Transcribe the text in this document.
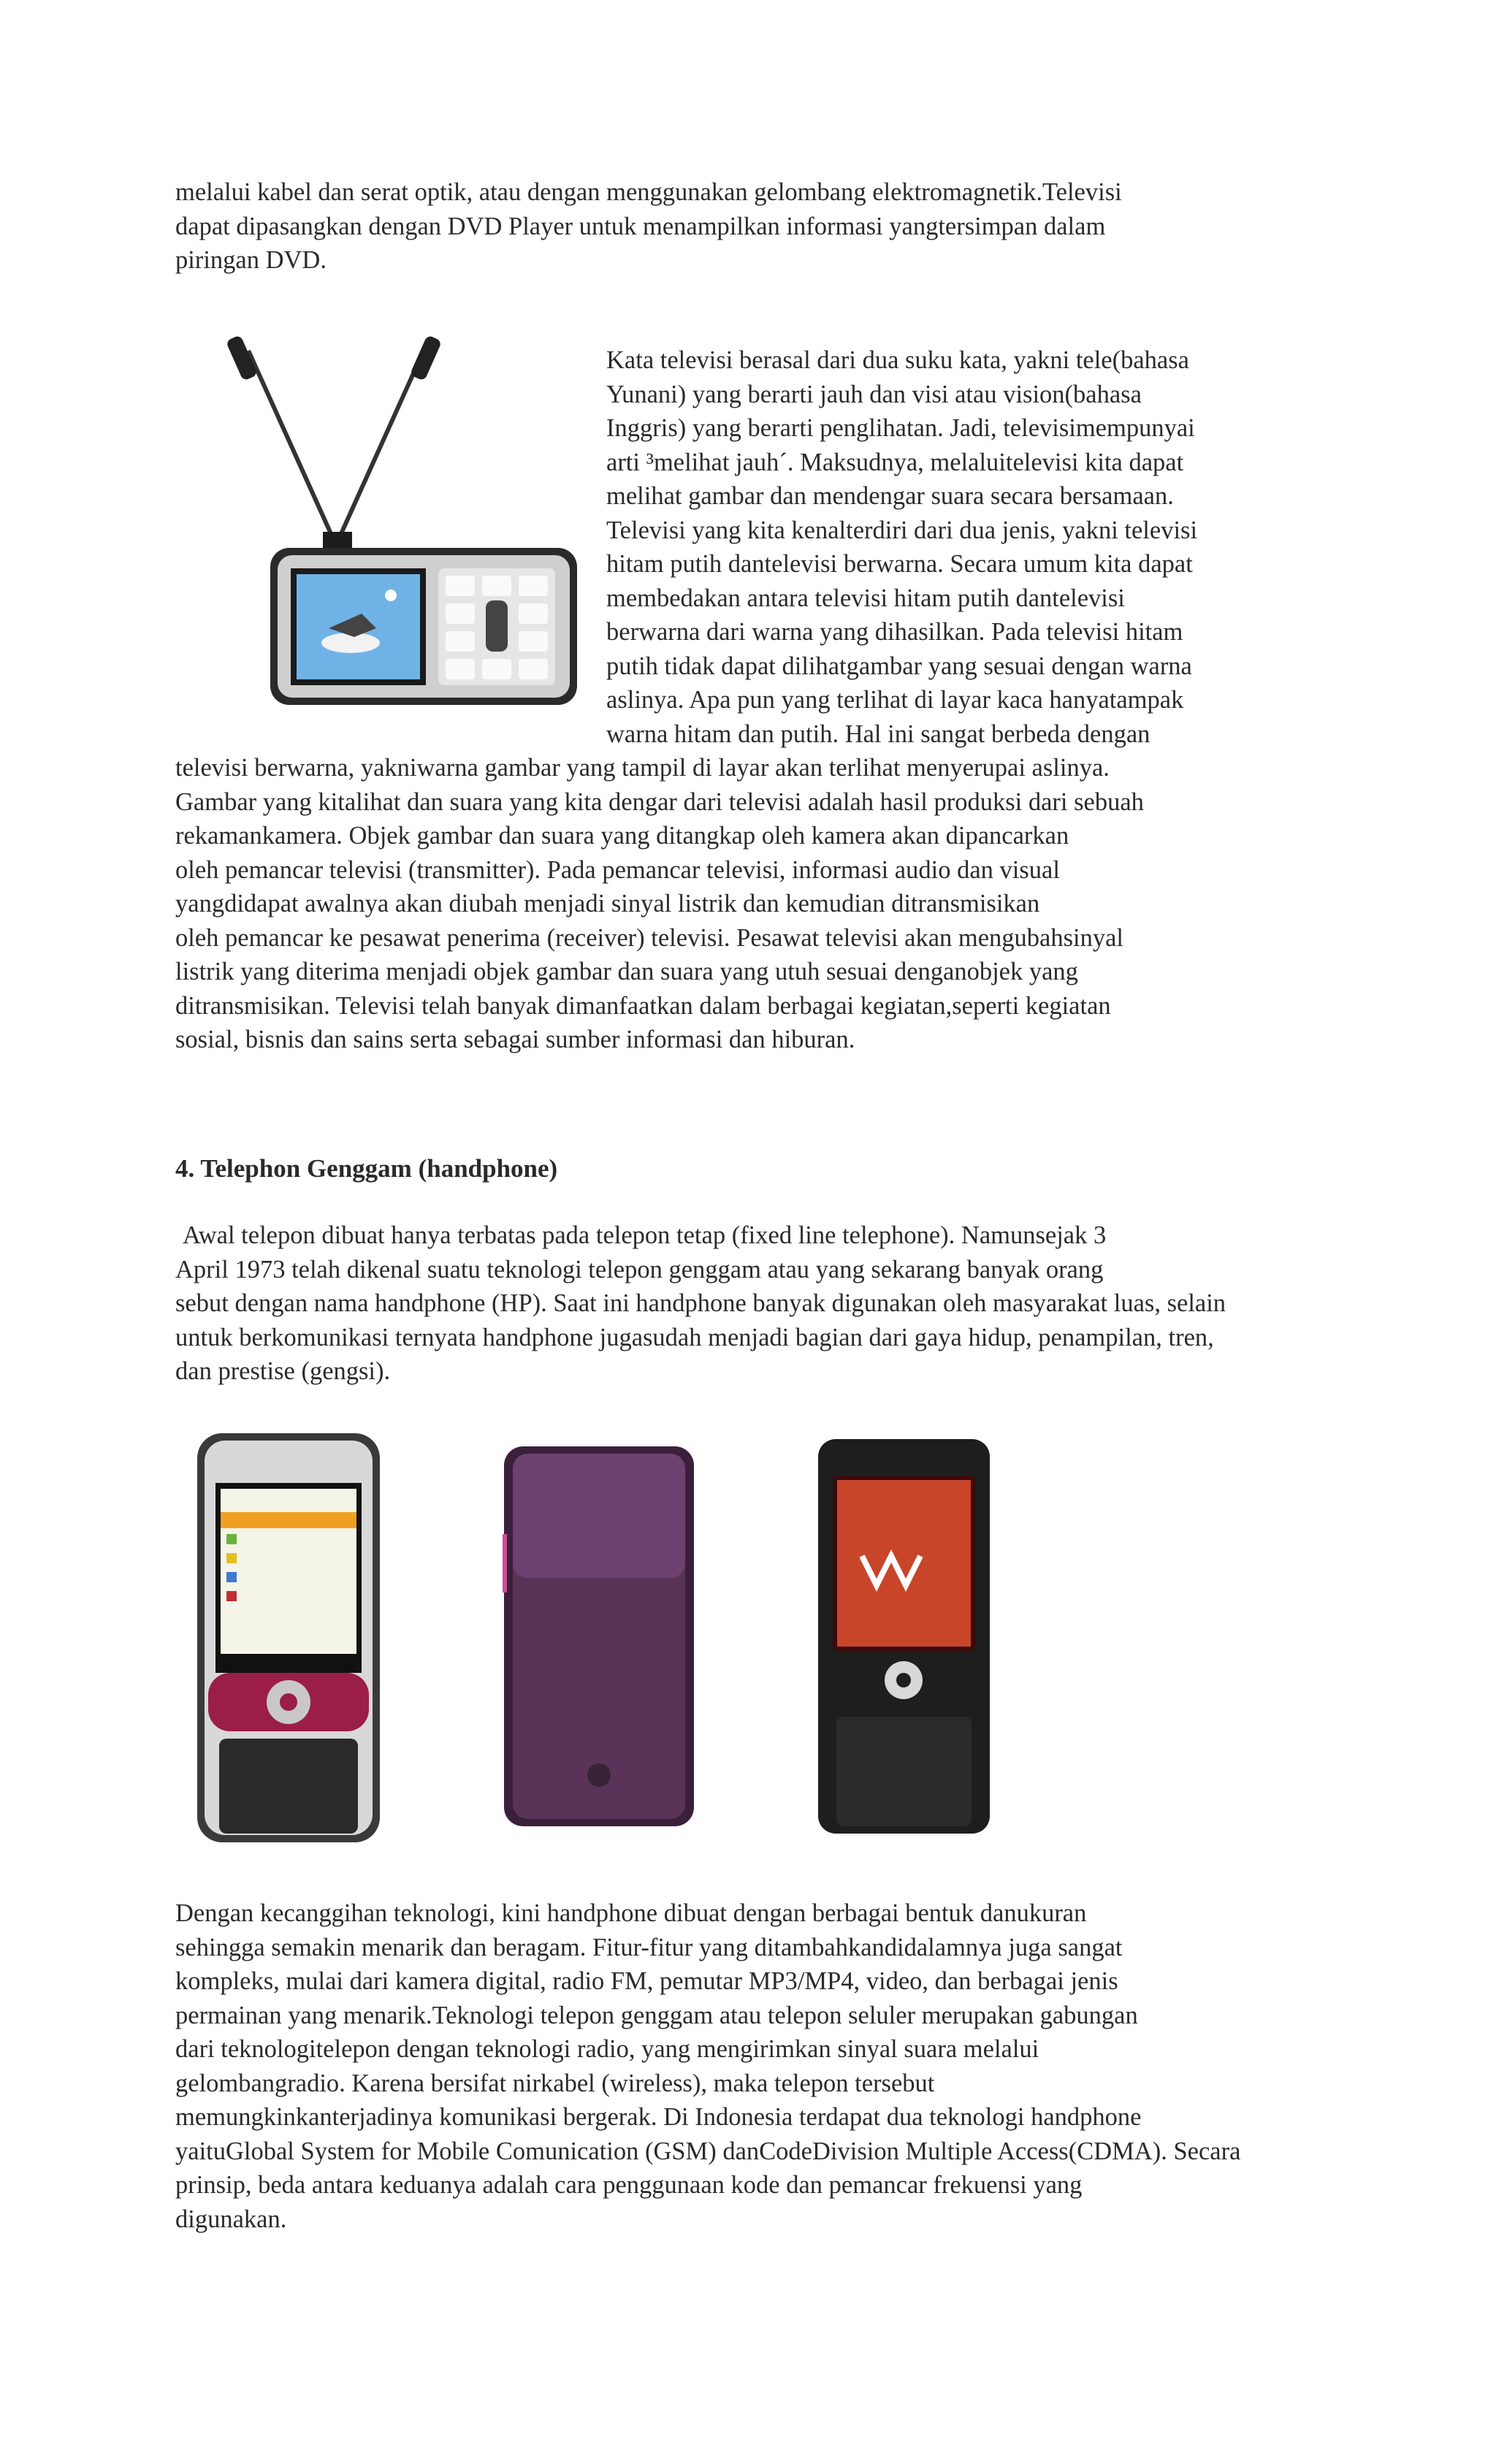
melalui kabel dan serat optik, atau dengan menggunakan gelombang elektromagnetik.Televisi
dapat dipasangkan dengan DVD Player untuk menampilkan informasi yangtersimpan dalam
piringan DVD.
Kata televisi berasal dari dua suku kata, yakni tele(bahasa
Yunani) yang berarti jauh dan visi atau vision(bahasa
Inggris) yang berarti penglihatan. Jadi, televisimempunyai
arti ³melihat jauh´. Maksudnya, melaluitelevisi kita dapat
melihat gambar dan mendengar suara secara bersamaan.
Televisi yang kita kenalterdiri dari dua jenis, yakni televisi
hitam putih dantelevisi berwarna. Secara umum kita dapat
membedakan antara televisi hitam putih dantelevisi
berwarna dari warna yang dihasilkan. Pada televisi hitam
putih tidak dapat dilihatgambar yang sesuai dengan warna
aslinya. Apa pun yang terlihat di layar kaca hanyatampak
warna hitam dan putih. Hal ini sangat berbeda dengan
televisi berwarna, yakniwarna gambar yang tampil di layar akan terlihat menyerupai aslinya.
Gambar yang kitalihat dan suara yang kita dengar dari televisi adalah hasil produksi dari sebuah
rekamankamera. Objek gambar dan suara yang ditangkap oleh kamera akan dipancarkan
oleh pemancar televisi (transmitter). Pada pemancar televisi, informasi audio dan visual
yangdidapat awalnya akan diubah menjadi sinyal listrik dan kemudian ditransmisikan
oleh pemancar ke pesawat penerima (receiver) televisi. Pesawat televisi akan mengubahsinyal
listrik yang diterima menjadi objek gambar dan suara yang utuh sesuai denganobjek yang
ditransmisikan. Televisi telah banyak dimanfaatkan dalam berbagai kegiatan,seperti kegiatan
sosial, bisnis dan sains serta sebagai sumber informasi dan hiburan.
4. Telephon Genggam (handphone)
Awal telepon dibuat hanya terbatas pada telepon tetap (fixed line telephone). Namunsejak 3
April 1973 telah dikenal suatu teknologi telepon genggam atau yang sekarang banyak orang
sebut dengan nama handphone (HP). Saat ini handphone banyak digunakan oleh masyarakat luas, selain
untuk berkomunikasi ternyata handphone jugasudah menjadi bagian dari gaya hidup, penampilan, tren,
dan prestise (gengsi).
Dengan kecanggihan teknologi, kini handphone dibuat dengan berbagai bentuk danukuran
sehingga semakin menarik dan beragam. Fitur-fitur yang ditambahkandidalamnya juga sangat
kompleks, mulai dari kamera digital, radio FM, pemutar MP3/MP4, video, dan berbagai jenis
permainan yang menarik.Teknologi telepon genggam atau telepon seluler merupakan gabungan
dari teknologitelepon dengan teknologi radio, yang mengirimkan sinyal suara melalui
gelombangradio. Karena bersifat nirkabel (wireless), maka telepon tersebut
memungkinkanterjadinya komunikasi bergerak. Di Indonesia terdapat dua teknologi handphone
yaituGlobal System for Mobile Comunication (GSM) danCodeDivision Multiple Access(CDMA). Secara
prinsip, beda antara keduanya adalah cara penggunaan kode dan pemancar frekuensi yang
digunakan.
